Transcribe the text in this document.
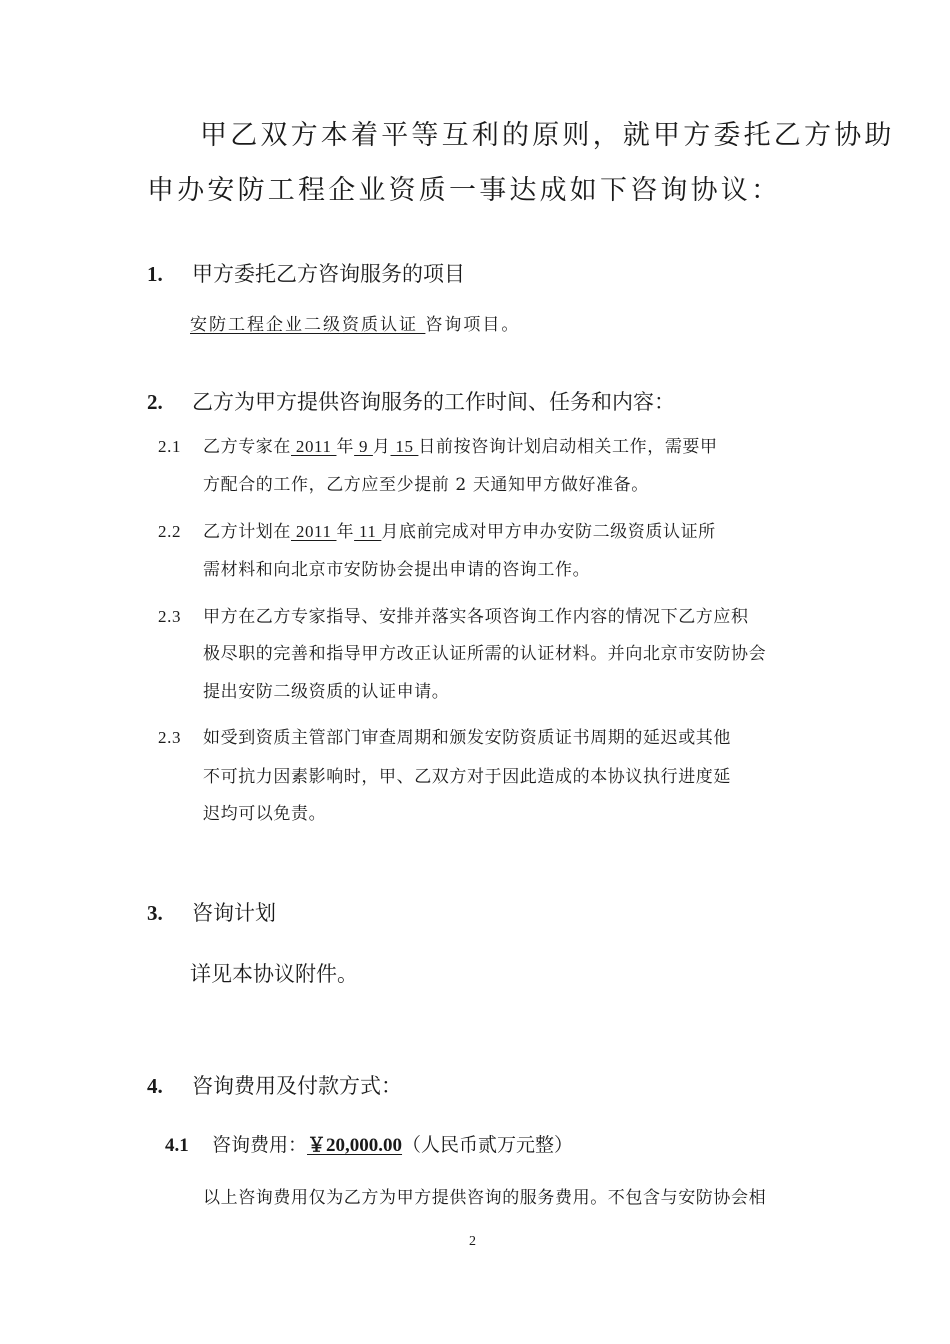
甲乙双方本着平等互利的原则，就甲方委托乙方协助
申办安防工程企业资质一事达成如下咨询协议：
1. 甲方委托乙方咨询服务的项目
安防工程企业二级资质认证 咨询项目。
2. 乙方为甲方提供咨询服务的工作时间、任务和内容：
2.1 乙方专家在 2011 年 9 月 15 日前按咨询计划启动相关工作，需要甲
方配合的工作，乙方应至少提前 2 天通知甲方做好准备。
2.2 乙方计划在 2011 年 11 月底前完成对甲方申办安防二级资质认证所
需材料和向北京市安防协会提出申请的咨询工作。
2.3 甲方在乙方专家指导、安排并落实各项咨询工作内容的情况下乙方应积
极尽职的完善和指导甲方改正认证所需的认证材料。并向北京市安防协会
提出安防二级资质的认证申请。
2.3 如受到资质主管部门审查周期和颁发安防资质证书周期的延迟或其他
不可抗力因素影响时，甲、乙双方对于因此造成的本协议执行进度延
迟均可以免责。
3. 咨询计划
详见本协议附件。
4. 咨询费用及付款方式：
4.1 咨询费用：￥20,000.00（人民币贰万元整）
以上咨询费用仅为乙方为甲方提供咨询的服务费用。不包含与安防协会相
2
